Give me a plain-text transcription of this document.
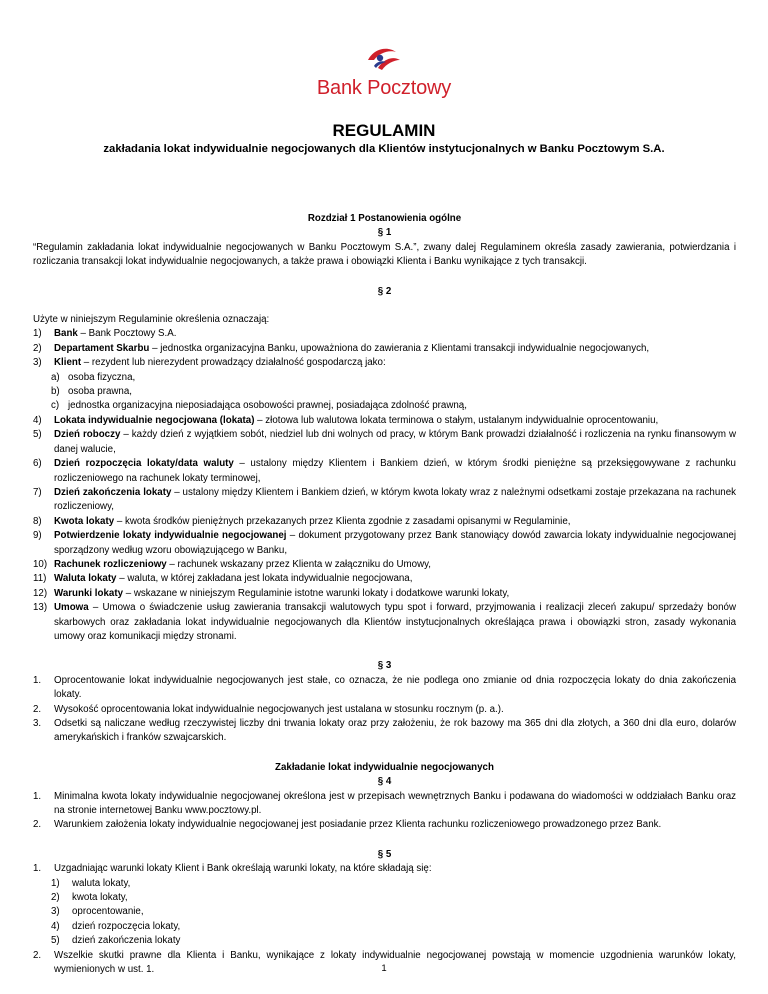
Bank Pocztowy
REGULAMIN
zakładania lokat indywidualnie negocjowanych dla Klientów instytucjonalnych w Banku Pocztowym S.A.
Rozdział 1 Postanowienia ogólne
§ 1
“Regulamin zakładania lokat indywidualnie negocjowanych w Banku Pocztowym S.A.”, zwany dalej Regulaminem określa zasady zawierania, potwierdzania i rozliczania transakcji lokat indywidualnie negocjowanych, a także prawa i obowiązki Klienta i Banku wynikające z tych transakcji.
§ 2
Użyte w niniejszym Regulaminie określenia oznaczają:
1)	Bank – Bank Pocztowy S.A.
2)	Departament Skarbu – jednostka organizacyjna Banku, upoważniona do zawierania z Klientami transakcji indywidualnie negocjowanych,
3)	Klient – rezydent lub nierezydent prowadzący działalność gospodarczą jako:
a) osoba fizyczna,
b) osoba prawna,
c) jednostka organizacyjna nieposiadająca osobowości prawnej, posiadająca zdolność prawną,
4)	Lokata indywidualnie negocjowana (lokata) – złotowa lub walutowa lokata terminowa o stałym, ustalanym indywidualnie oprocentowaniu,
5)	Dzień roboczy – każdy dzień z wyjątkiem sobót, niedziel lub dni wolnych od pracy, w którym Bank prowadzi działalność i rozliczenia na rynku finansowym w danej walucie,
6)	Dzień rozpoczęcia lokaty/data waluty – ustalony między Klientem i Bankiem dzień, w którym środki pieniężne są przeksięgowywane z rachunku rozliczeniowego na rachunek lokaty terminowej,
7)	Dzień zakończenia lokaty – ustalony między Klientem i Bankiem dzień, w którym kwota lokaty wraz z należnymi odsetkami zostaje przekazana na rachunek rozliczeniowy,
8)	Kwota lokaty – kwota środków pieniężnych przekazanych przez Klienta zgodnie z zasadami opisanymi w Regulaminie,
9)	Potwierdzenie lokaty indywidualnie negocjowanej – dokument przygotowany przez Bank stanowiący dowód zawarcia lokaty indywidualnie negocjowanej sporządzony według wzoru obowiązującego w Banku,
10) Rachunek rozliczeniowy – rachunek wskazany przez Klienta w załączniku do Umowy,
11) Waluta lokaty – waluta, w której zakładana jest lokata indywidualnie negocjowana,
12) Warunki lokaty – wskazane w niniejszym Regulaminie istotne warunki lokaty i dodatkowe warunki lokaty,
13) Umowa – Umowa o świadczenie usług zawierania transakcji walutowych typu spot i forward, przyjmowania i realizacji zleceń zakupu/ sprzedaży bonów skarbowych oraz zakładania lokat indywidualnie negocjowanych dla Klientów instytucjonalnych określająca prawa i obowiązki stron, zasady wykonania umowy oraz komunikacji między stronami.
§ 3
1.	Oprocentowanie lokat indywidualnie negocjowanych jest stałe, co oznacza, że nie podlega ono zmianie od dnia rozpoczęcia lokaty do dnia zakończenia lokaty.
2.	Wysokość oprocentowania lokat indywidualnie negocjowanych jest ustalana w stosunku rocznym (p. a.).
3.	Odsetki są naliczane według rzeczywistej liczby dni trwania lokaty oraz przy założeniu, że rok bazowy ma 365 dni dla złotych, a 360 dni dla euro, dolarów amerykańskich i franków szwajcarskich.
Zakładanie lokat indywidualnie negocjowanych
§ 4
1.	Minimalna kwota lokaty indywidualnie negocjowanej określona jest w przepisach wewnętrznych Banku i podawana do wiadomości w oddziałach Banku oraz na stronie internetowej Banku www.pocztowy.pl.
2.	Warunkiem założenia lokaty indywidualnie negocjowanej jest posiadanie przez Klienta rachunku rozliczeniowego prowadzonego przez Bank.
§ 5
1.	Uzgadniając warunki lokaty Klient i Bank określają warunki lokaty, na które składają się:
1)	waluta lokaty,
2)	kwota lokaty,
3)	oprocentowanie,
4)	dzień rozpoczęcia lokaty,
5)	dzień zakończenia lokaty
2.	Wszelkie skutki prawne dla Klienta i Banku, wynikające z lokaty indywidualnie negocjowanej powstają w momencie uzgodnienia warunków lokaty, wymienionych w ust. 1.	1
